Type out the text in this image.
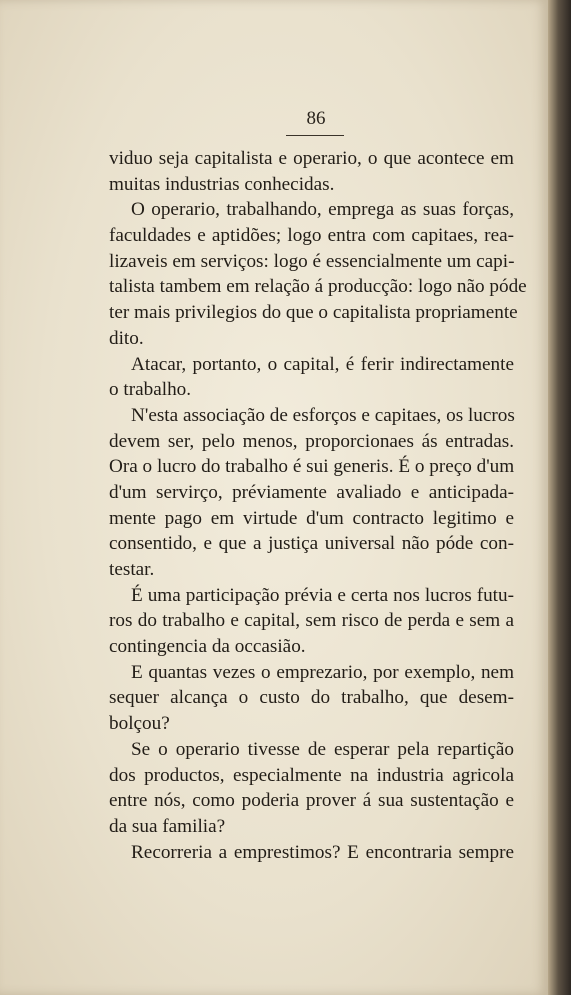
86
viduo seja capitalista e operario, o que acontece em
muitas industrias conhecidas.
O operario, trabalhando, emprega as suas forças,
faculdades e aptidões; logo entra com capitaes, rea-
lizaveis em serviços: logo é essencialmente um capi-
talista tambem em relação á producção: logo não póde
ter mais privilegios do que o capitalista propriamente
dito.
Atacar, portanto, o capital, é ferir indirectamente
o trabalho.
N'esta associação de esforços e capitaes, os lucros
devem ser, pelo menos, proporcionaes ás entradas.
Ora o lucro do trabalho é sui generis. É o preço d'um
d'um servirço, préviamente avaliado e anticipada-
mente pago em virtude d'um contracto legitimo e
consentido, e que a justiça universal não póde con-
testar.
É uma participação prévia e certa nos lucros futu-
ros do trabalho e capital, sem risco de perda e sem a
contingencia da occasião.
E quantas vezes o emprezario, por exemplo, nem
sequer alcança o custo do trabalho, que desem-
bolçou?
Se o operario tivesse de esperar pela repartição
dos productos, especialmente na industria agricola
entre nós, como poderia prover á sua sustentação e
da sua familia?
Recorreria a emprestimos? E encontraria sempre
